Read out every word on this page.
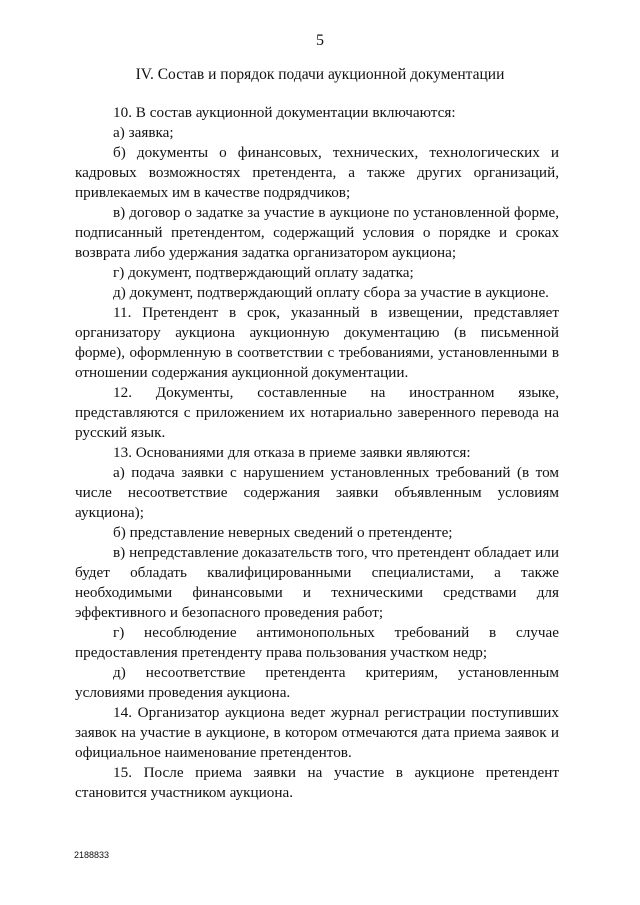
5
IV. Состав и порядок подачи аукционной документации

10. В состав аукционной документации включаются:

а) заявка;

б) документы о финансовых, технических, технологических и кадровых возможностях претендента, а также других организаций, привлекаемых им в качестве подрядчиков;

в) договор о задатке за участие в аукционе по установленной форме, подписанный претендентом, содержащий условия о порядке и сроках возврата либо удержания задатка организатором аукциона;

г) документ, подтверждающий оплату задатка;

д) документ, подтверждающий оплату сбора за участие в аукционе.

11. Претендент в срок, указанный в извещении, представляет организатору аукциона аукционную документацию (в письменной форме), оформленную в соответствии с требованиями, установленными в отношении содержания аукционной документации.

12. Документы, составленные на иностранном языке, представляются с приложением их нотариально заверенного перевода на русский язык.

13. Основаниями для отказа в приеме заявки являются:

а) подача заявки с нарушением установленных требований (в том числе несоответствие содержания заявки объявленным условиям аукциона);

б) представление неверных сведений о претенденте;

в) непредставление доказательств того, что претендент обладает или будет обладать квалифицированными специалистами, а также необходимыми финансовыми и техническими средствами для эффективного и безопасного проведения работ;

г) несоблюдение антимонопольных требований в случае предоставления претенденту права пользования участком недр;

д) несоответствие претендента критериям, установленным условиями проведения аукциона.

14. Организатор аукциона ведет журнал регистрации поступивших заявок на участие в аукционе, в котором отмечаются дата приема заявок и официальное наименование претендентов.

15. После приема заявки на участие в аукционе претендент становится участником аукциона.

2188833
